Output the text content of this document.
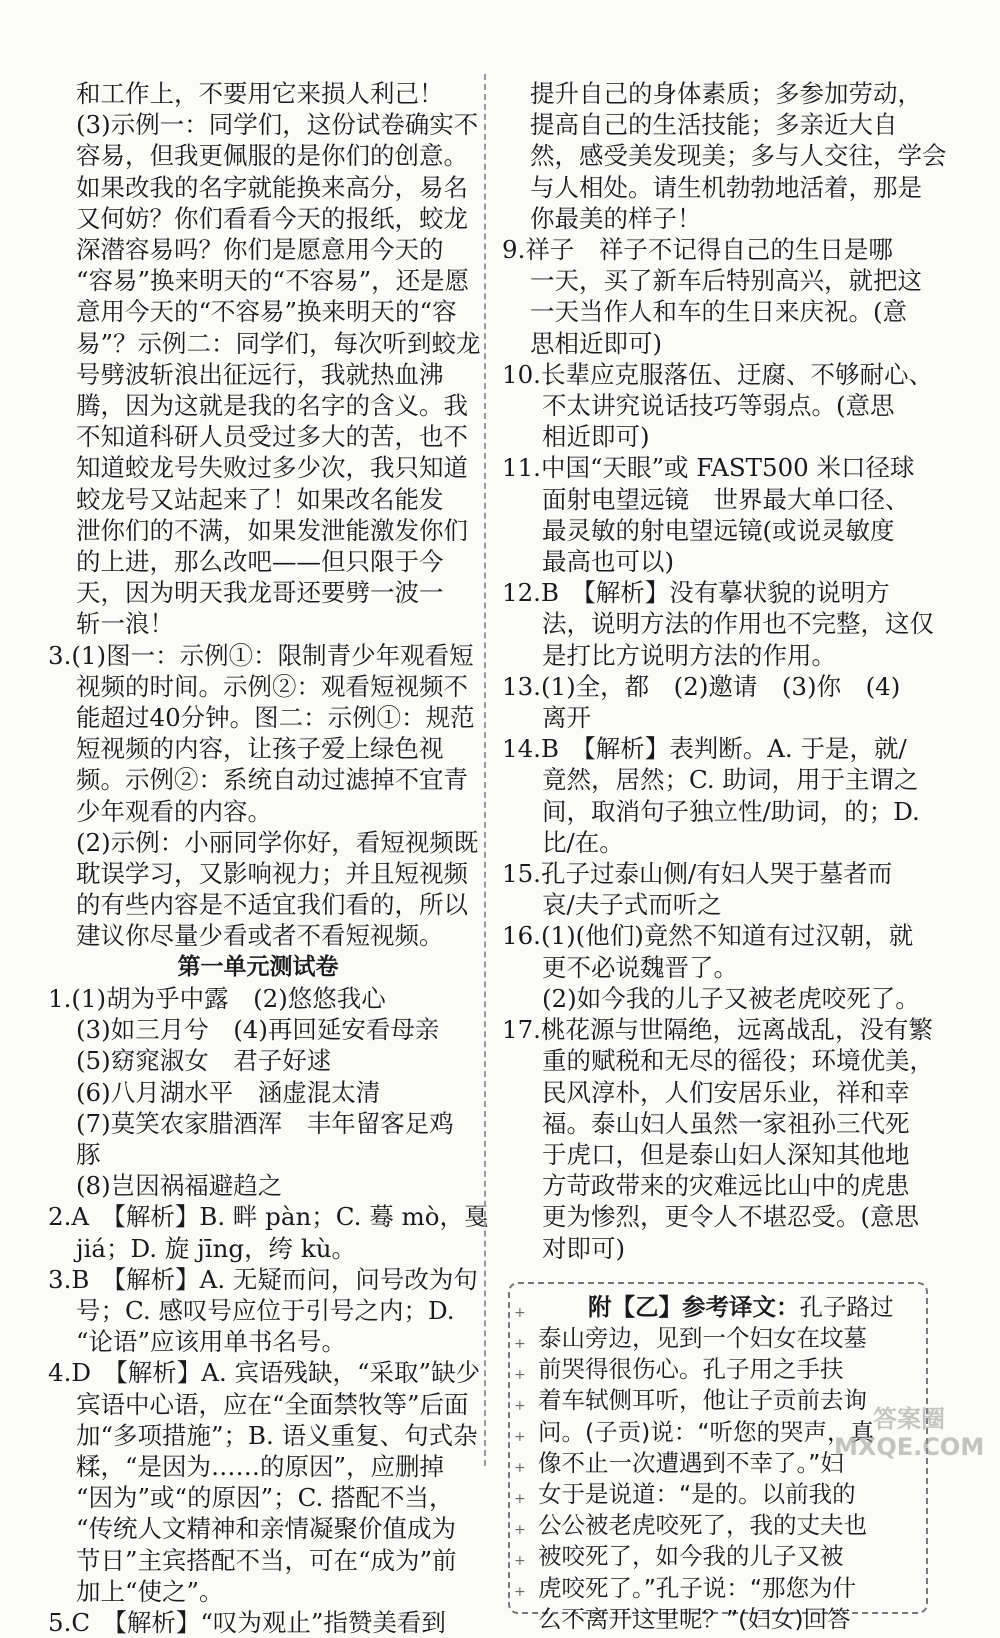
和工作上，不要用它来损人利己！
(3)示例一：同学们，这份试卷确实不
容易，但我更佩服的是你们的创意。
如果改我的名字就能换来高分，易名
又何妨？你们看看今天的报纸，蛟龙
深潜容易吗？你们是愿意用今天的
“容易”换来明天的“不容易”，还是愿
意用今天的“不容易”换来明天的“容
易”？示例二：同学们，每次听到蛟龙
号劈波斩浪出征远行，我就热血沸
腾，因为这就是我的名字的含义。我
不知道科研人员受过多大的苦，也不
知道蛟龙号失败过多少次，我只知道
蛟龙号又站起来了！如果改名能发
泄你们的不满，如果发泄能激发你们
的上进，那么改吧——但只限于今
天，因为明天我龙哥还要劈一波一
斩一浪！
3.(1)图一：示例①：限制青少年观看短
视频的时间。示例②：观看短视频不
能超过40分钟。图二：示例①：规范
短视频的内容，让孩子爱上绿色视
频。示例②：系统自动过滤掉不宜青
少年观看的内容。
(2)示例：小丽同学你好，看短视频既
耽误学习，又影响视力；并且短视频
的有些内容是不适宜我们看的，所以
建议你尽量少看或者不看短视频。
第一单元测试卷
1.(1)胡为乎中露　(2)悠悠我心
(3)如三月兮　(4)再回延安看母亲
(5)窈窕淑女　君子好逑
(6)八月湖水平　涵虚混太清
(7)莫笑农家腊酒浑　丰年留客足鸡
豚
(8)岂因祸福避趋之
2.A　【解析】B. 畔 pàn；C. 蓦 mò，戛
jiá；D. 旋 jīng，绔 kù。
3.B　【解析】A. 无疑而问，问号改为句
号；C. 感叹号应位于引号之内；D.
“论语”应该用单书名号。
4.D　【解析】A. 宾语残缺，“采取”缺少
宾语中心语，应在“全面禁牧等”后面
加“多项措施”；B. 语义重复、句式杂
糅，“是因为……的原因”，应删掉
“因为”或“的原因”；C. 搭配不当，
“传统人文精神和亲情凝聚价值成为
节日”主宾搭配不当，可在“成为”前
加上“使之”。
5.C　【解析】“叹为观止”指赞美看到
提升自己的身体素质；多参加劳动，
提高自己的生活技能；多亲近大自
然，感受美发现美；多与人交往，学会
与人相处。请生机勃勃地活着，那是
你最美的样子！
9.祥子　祥子不记得自己的生日是哪
一天，买了新车后特别高兴，就把这
一天当作人和车的生日来庆祝。(意
思相近即可)
10.长辈应克服落伍、迂腐、不够耐心、
不太讲究说话技巧等弱点。(意思
相近即可)
11.中国“天眼”或 FAST500 米口径球
面射电望远镜　世界最大单口径、
最灵敏的射电望远镜(或说灵敏度
最高也可以)
12.B　【解析】没有摹状貌的说明方
法，说明方法的作用也不完整，这仅
是打比方说明方法的作用。
13.(1)全，都　(2)邀请　(3)你　(4)
离开
14.B　【解析】表判断。A. 于是，就/
竟然，居然；C. 助词，用于主谓之
间，取消句子独立性/助词，的；D.
比/在。
15.孔子过泰山侧/有妇人哭于墓者而
哀/夫子式而听之
16.(1)(他们)竟然不知道有过汉朝，就
更不必说魏晋了。
(2)如今我的儿子又被老虎咬死了。
17.桃花源与世隔绝，远离战乱，没有繁
重的赋税和无尽的徭役；环境优美，
民风淳朴，人们安居乐业，祥和幸
福。泰山妇人虽然一家祖孙三代死
于虎口，但是泰山妇人深知其他地
方苛政带来的灾难远比山中的虎患
更为惨烈，更令人不堪忍受。(意思
对即可)
+
+
+
+
+
+
+
+
+
+
附【乙】参考译文：孔子路过
泰山旁边，见到一个妇女在坟墓
前哭得很伤心。孔子用之手扶
着车轼侧耳听，他让子贡前去询
问。(子贡)说：“听您的哭声，真
像不止一次遭遇到不幸了。”妇
女于是说道：“是的。以前我的
公公被老虎咬死了，我的丈夫也
被咬死了，如今我的儿子又被
虎咬死了。”孔子说：“那您为什
么不离开这里呢？”(妇女)回答
答案圈
MXQE.COM
